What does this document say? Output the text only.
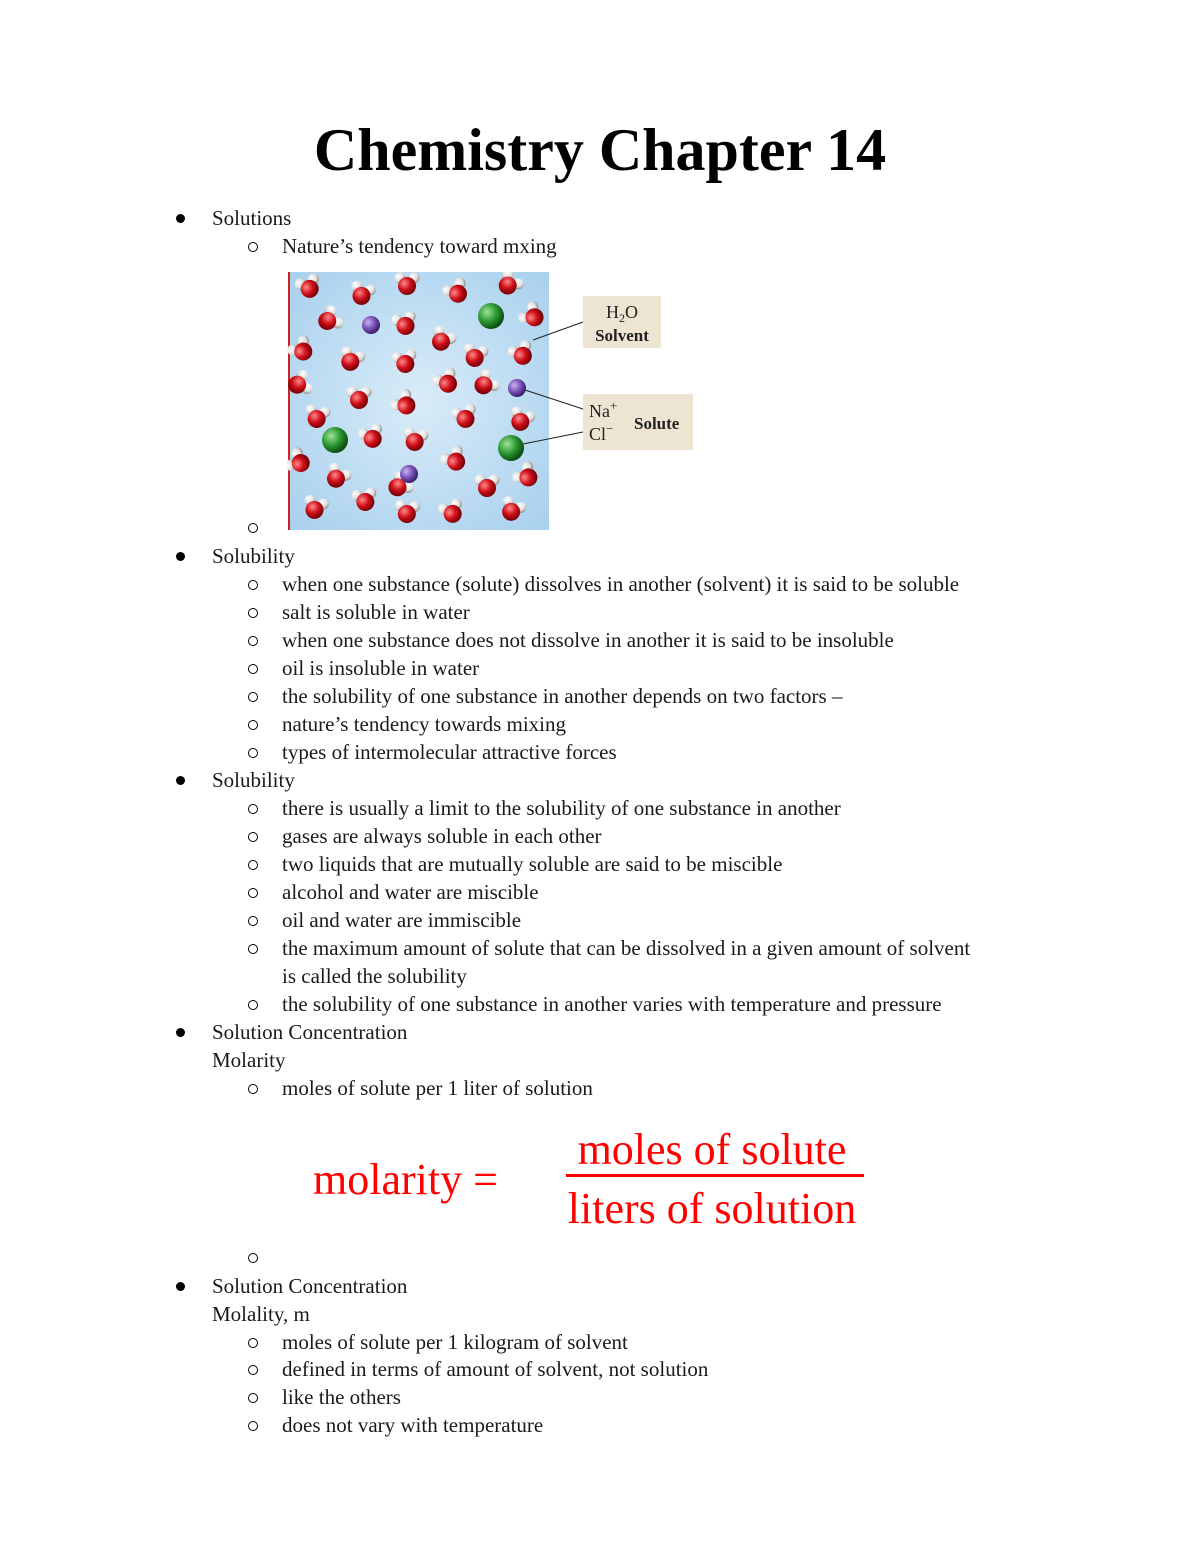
Chemistry Chapter 14
Solutions
Nature’s tendency toward mxing
$H_2O$
Solvent
Na+
Cl− Solute
Solubility
when one substance (solute) dissolves in another (solvent) it is said to be soluble
salt is soluble in water
when one substance does not dissolve in another it is said to be insoluble
oil is insoluble in water
the solubility of one substance in another depends on two factors –
nature’s tendency towards mixing
types of intermolecular attractive forces
Solubility
there is usually a limit to the solubility of one substance in another
gases are always soluble in each other
two liquids that are mutually soluble are said to be miscible
alcohol and water are miscible
oil and water are immiscible
the maximum amount of solute that can be dissolved in a given amount of solvent
is called the solubility
the solubility of one substance in another varies with temperature and pressure
Solution Concentration
Molarity
moles of solute per 1 liter of solution
molarity =
moles of solute
liters of solution
Solution Concentration
Molality, m
moles of solute per 1 kilogram of solvent
defined in terms of amount of solvent, not solution
like the others
does not vary with temperature
